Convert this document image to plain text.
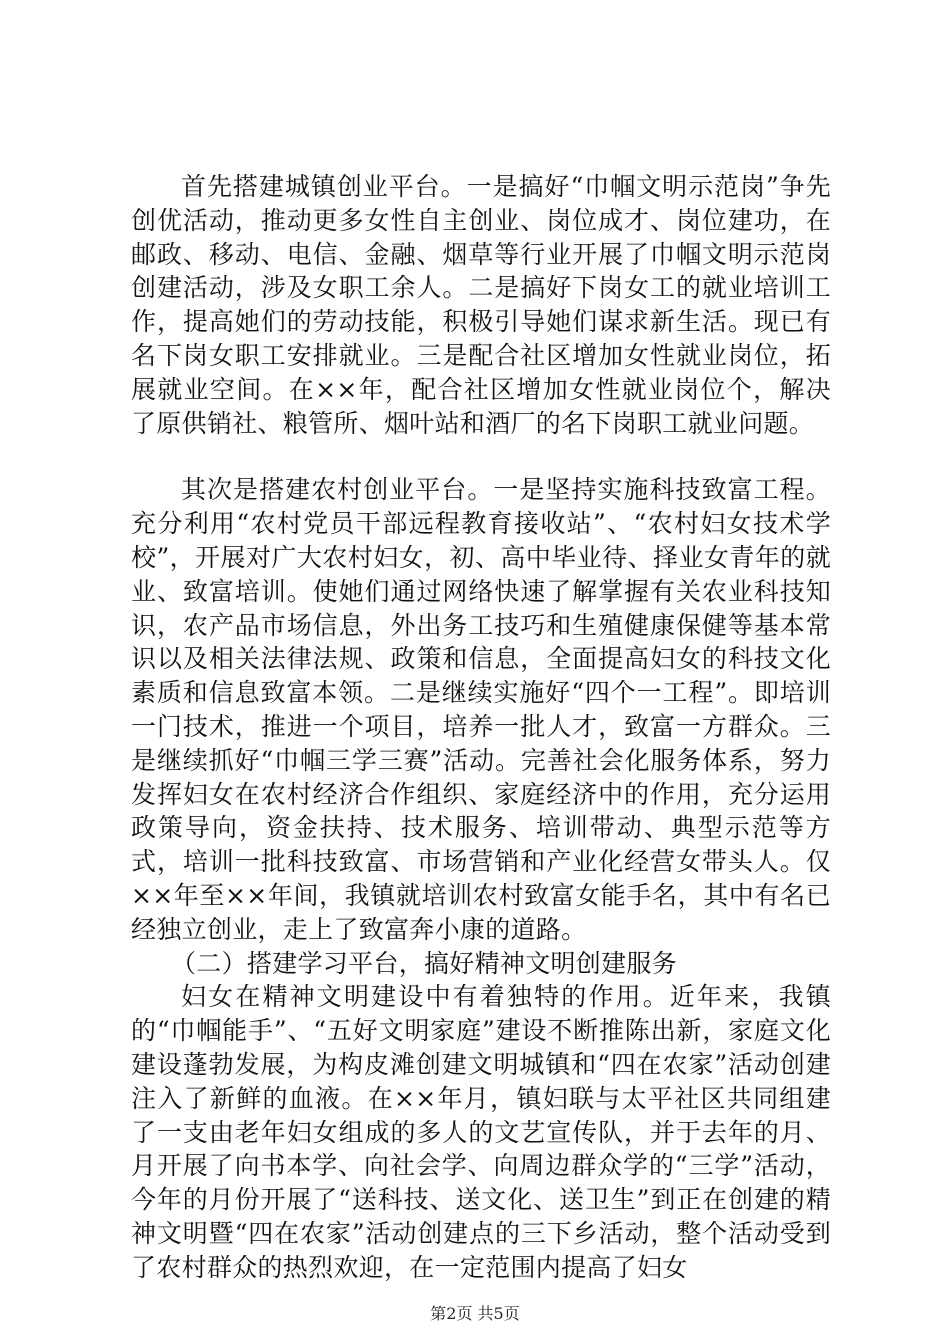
首先搭建城镇创业平台。一是搞好“巾帼文明示范岗”争先创优活动，推动更多女性自主创业、岗位成才、岗位建功，在邮政、移动、电信、金融、烟草等行业开展了巾帼文明示范岗创建活动，涉及女职工余人。二是搞好下岗女工的就业培训工作，提高她们的劳动技能，积极引导她们谋求新生活。现已有名下岗女职工安排就业。三是配合社区增加女性就业岗位，拓展就业空间。在××年，配合社区增加女性就业岗位个，解决了原供销社、粮管所、烟叶站和酒厂的名下岗职工就业问题。

其次是搭建农村创业平台。一是坚持实施科技致富工程。充分利用“农村党员干部远程教育接收站”、“农村妇女技术学校”，开展对广大农村妇女，初、高中毕业待、择业女青年的就业、致富培训。使她们通过网络快速了解掌握有关农业科技知识，农产品市场信息，外出务工技巧和生殖健康保健等基本常识以及相关法律法规、政策和信息，全面提高妇女的科技文化素质和信息致富本领。二是继续实施好“四个一工程”。即培训一门技术，推进一个项目，培养一批人才，致富一方群众。三是继续抓好“巾帼三学三赛”活动。完善社会化服务体系，努力发挥妇女在农村经济合作组织、家庭经济中的作用，充分运用政策导向，资金扶持、技术服务、培训带动、典型示范等方式，培训一批科技致富、市场营销和产业化经营女带头人。仅××年至××年间，我镇就培训农村致富女能手名，其中有名已经独立创业，走上了致富奔小康的道路。

（二）搭建学习平台，搞好精神文明创建服务

妇女在精神文明建设中有着独特的作用。近年来，我镇的“巾帼能手”、“五好文明家庭”建设不断推陈出新，家庭文化建设蓬勃发展，为构皮滩创建文明城镇和“四在农家”活动创建注入了新鲜的血液。在××年月，镇妇联与太平社区共同组建了一支由老年妇女组成的多人的文艺宣传队，并于去年的月、月开展了向书本学、向社会学、向周边群众学的“三学”活动，今年的月份开展了“送科技、送文化、送卫生”到正在创建的精神文明暨“四在农家”活动创建点的三下乡活动，整个活动受到了农村群众的热烈欢迎，在一定范围内提高了妇女

第2页 共5页
